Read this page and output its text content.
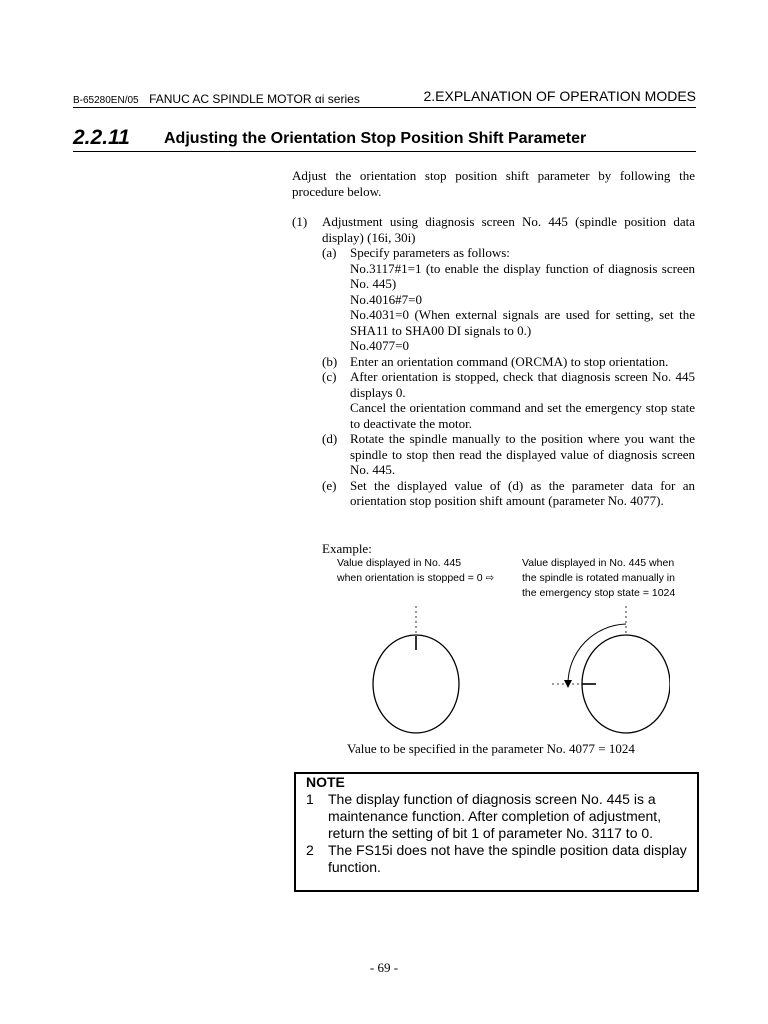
B-65280EN/05 FANUC AC SPINDLE MOTOR αi series	2.EXPLANATION OF OPERATION MODES
2.2.11 Adjusting the Orientation Stop Position Shift Parameter
Adjust the orientation stop position shift parameter by following the procedure below.
(1) Adjustment using diagnosis screen No. 445 (spindle position data display) (16i, 30i)

(a) Specify parameters as follows:

No.3117#1=1 (to enable the display function of diagnosis screen No. 445)

No.4016#7=0

No.4031=0 (When external signals are used for setting, set the SHA11 to SHA00 DI signals to 0.)

No.4077=0

(b) Enter an orientation command (ORCMA) to stop orientation.

(c) After orientation is stopped, check that diagnosis screen No. 445 displays 0.

Cancel the orientation command and set the emergency stop state to deactivate the motor.

(d) Rotate the spindle manually to the position where you want the spindle to stop then read the displayed value of diagnosis screen No. 445.

(e) Set the displayed value of (d) as the parameter data for an orientation stop position shift amount (parameter No. 4077).

Example:
Value displayed in No. 445
when orientation is stopped = 0 ⇨
Value displayed in No. 445 when
the spindle is rotated manually in
the emergency stop state = 1024
Value to be specified in the parameter No. 4077 = 1024
NOTE
1 The display function of diagnosis screen No. 445 is a maintenance function. After completion of adjustment, return the setting of bit 1 of parameter No. 3117 to 0.
2 The FS15i does not have the spindle position data display function.
- 69 -
